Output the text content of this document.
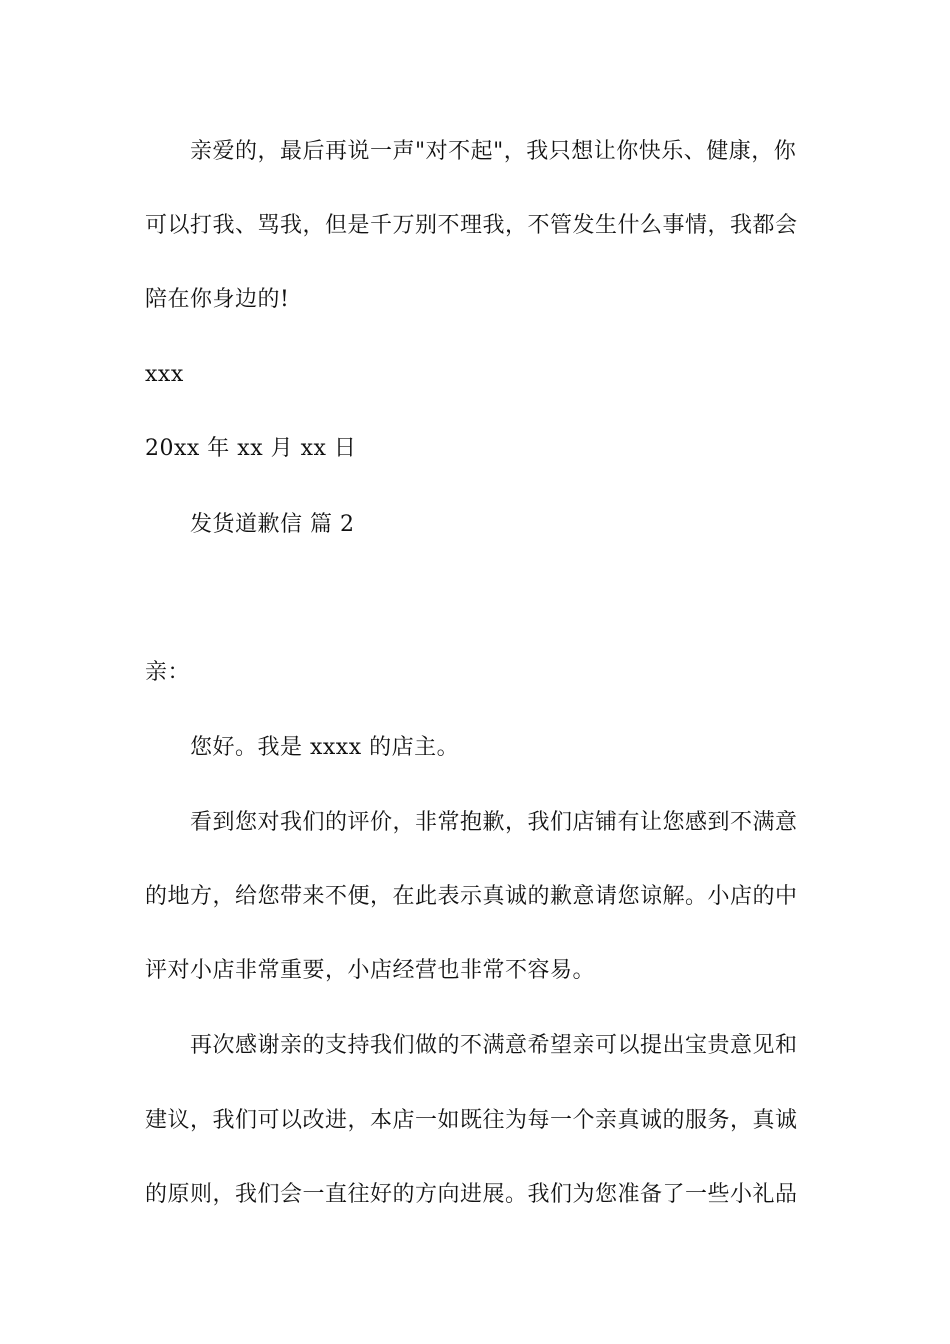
亲爱的，最后再说一声"对不起"，我只想让你快乐、健康，你
可以打我、骂我，但是千万别不理我，不管发生什么事情，我都会
陪在你身边的!
xxx
20xx 年 xx 月 xx 日
发货道歉信 篇 2
亲：
您好。我是 xxxx 的店主。
看到您对我们的评价，非常抱歉，我们店铺有让您感到不满意
的地方，给您带来不便，在此表示真诚的歉意请您谅解。小店的中
评对小店非常重要，小店经营也非常不容易。
再次感谢亲的支持我们做的不满意希望亲可以提出宝贵意见和
建议，我们可以改进，本店一如既往为每一个亲真诚的服务，真诚
的原则，我们会一直往好的方向进展。我们为您准备了一些小礼品
